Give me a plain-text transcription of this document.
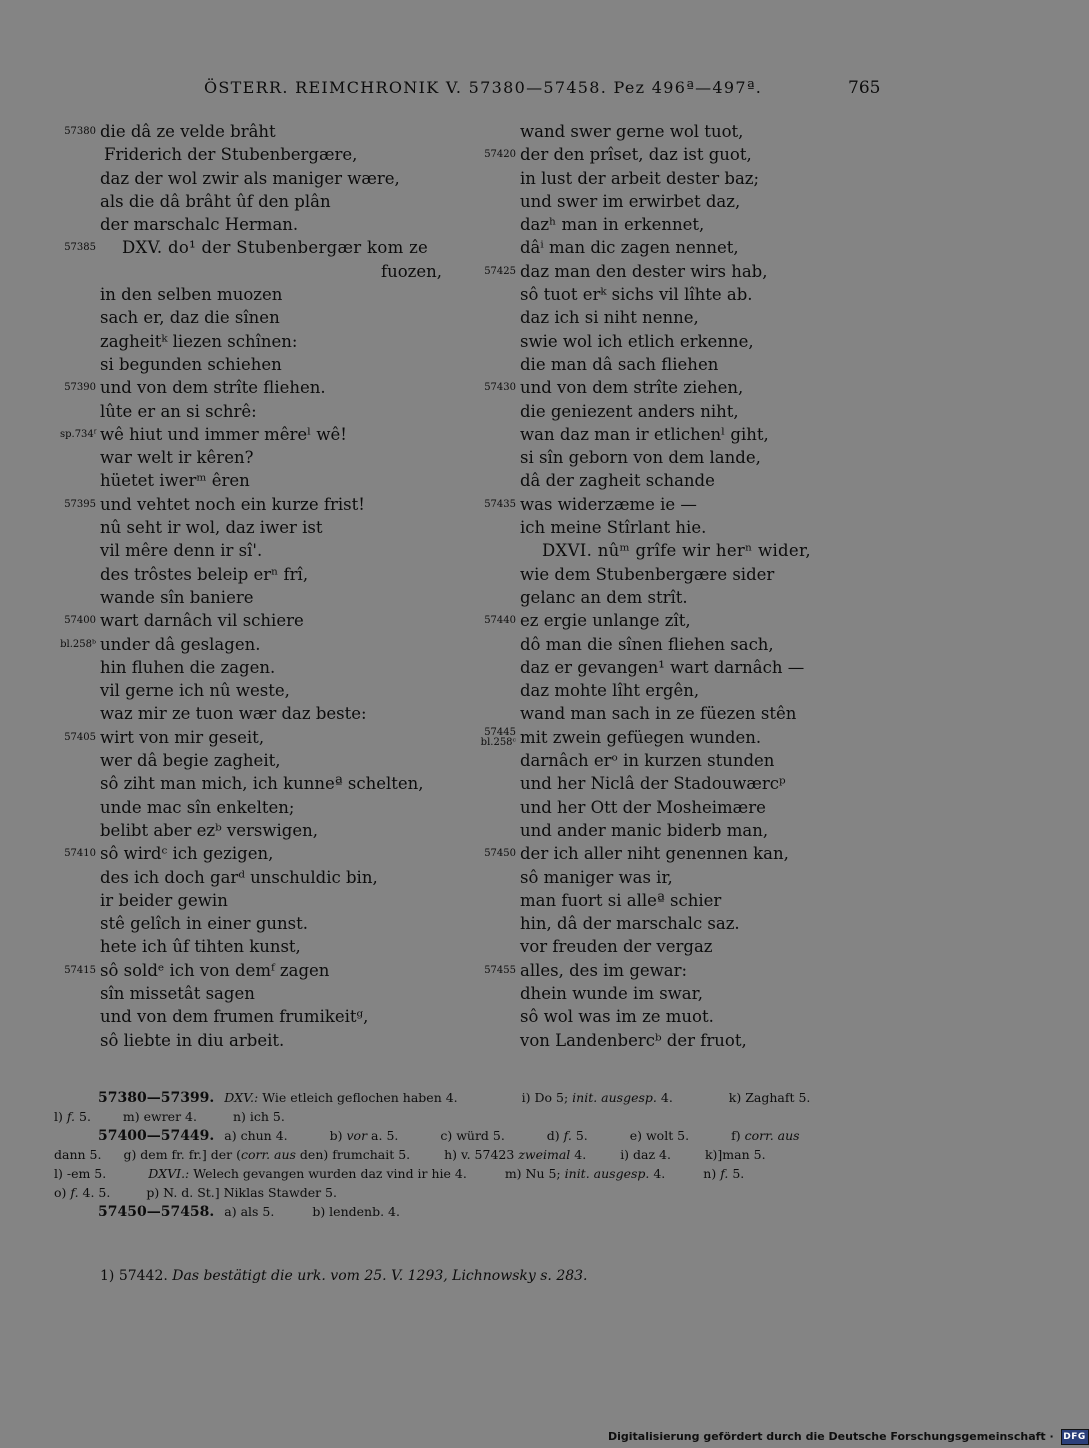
ÖSTERR. REIMCHRONIK V. 57380—57458. Pez 496ª—497ª.	765
57380 die dâ ze velde brâht
Friderich der Stubenbergære,
daz der wol zwir als maniger wære,
als die dâ brâht ûf den plân
der marschalc Herman.
57385 DXV. do¹ der Stubenbergær kom ze
fuozen,
in den selben muozen
sach er, daz die sînen
zagheitᵏ liezen schînen:
si begunden schiehen
57390 und von dem strîte fliehen.
lûte er an si schrê:
sp.734ᶠ wê hiut und immer mêreˡ wê!
war welt ir kêren?
hüetet iwerᵐ êren
57395 und vehtet noch ein kurze frist!
nû seht ir wol, daz iwer ist
vil mêre denn ir sî'.
des trôstes beleip erⁿ frî,
wande sîn baniere
57400 wart darnâch vil schiere
bl.258ᵇ under dâ geslagen.
hin fluhen die zagen.
vil gerne ich nû weste,
waz mir ze tuon wær daz beste:
57405 wirt von mir geseit,
wer dâ begie zagheit,
sô ziht man mich, ich kunneª schelten,
unde mac sîn enkelten;
belibt aber ezᵇ verswigen,
57410 sô wirdᶜ ich gezigen,
des ich doch garᵈ unschuldic bin,
ir beider gewin
stê gelîch in einer gunst.
hete ich ûf tihten kunst,
57415 sô soldᵉ ich von demᶠ zagen
sîn missetât sagen
und von dem frumen frumikeitᵍ,
sô liebte in diu arbeit.
wand swer gerne wol tuot,
57420 der den prîset, daz ist guot,
in lust der arbeit dester baz;
und swer im erwirbet daz,
dazʰ man in erkennet,
dâⁱ man dic zagen nennet,
57425 daz man den dester wirs hab,
sô tuot erᵏ sichs vil lîhte ab.
daz ich si niht nenne,
swie wol ich etlich erkenne,
die man dâ sach fliehen
57430 und von dem strîte ziehen,
die geniezent anders niht,
wan daz man ir etlichenˡ giht,
si sîn geborn von dem lande,
dâ der zagheit schande
57435 was widerzæme ie —
ich meine Stîrlant hie.
DXVI. nûᵐ grîfe wir herⁿ wider,
wie dem Stubenbergære sider
gelanc an dem strît.
57440 ez ergie unlange zît,
dô man die sînen fliehen sach,
daz er gevangen¹ wart darnâch —
daz mohte lîht ergên,
wand man sach in ze füezen stên
57445
bl.258ᶜ mit zwein gefüegen wunden.
darnâch erᵒ in kurzen stunden
und her Niclâ der Stadouwærcᵖ
und her Ott der Mosheimære
und ander manic biderb man,
57450 der ich aller niht genennen kan,
sô maniger was ir,
man fuort si alleª schier
hin, dâ der marschalc saz.
vor freuden der vergaz
57455 alles, des im gewar:
dhein wunde im swar,
sô wol was im ze muot.
von Landenbercᵇ der fruot,
57380—57399. DXV.: Wie etleich geflochen haben 4.	i) Do 5; init. ausgesp. 4.	k) Zaghaft 5.
l) f. 5.	m) ewrer 4.	n) ich 5.
57400—57449. a) chun 4.	b) vor a. 5.	c) würd 5.	d) f. 5.	e) wolt 5.	f) corr. aus
dann 5. g) dem fr. fr.] der (corr. aus den) frumchait 5.	h) v. 57423 zweimal 4.	i) daz 4.	k)]man 5.
l) -em 5.	DXVI.: Welech gevangen wurden daz vind ir hie 4.	m) Nu 5; init. ausgesp. 4.	n) f. 5.
o) f. 4. 5.	p) N. d. St.] Niklas Stawder 5.
57450—57458. a) als 5.	b) lendenb. 4.
1) 57442. Das bestätigt die urk. vom 25. V. 1293, Lichnowsky s. 283.
Digitalisierung gefördert durch die Deutsche Forschungsgemeinschaft · DFG
